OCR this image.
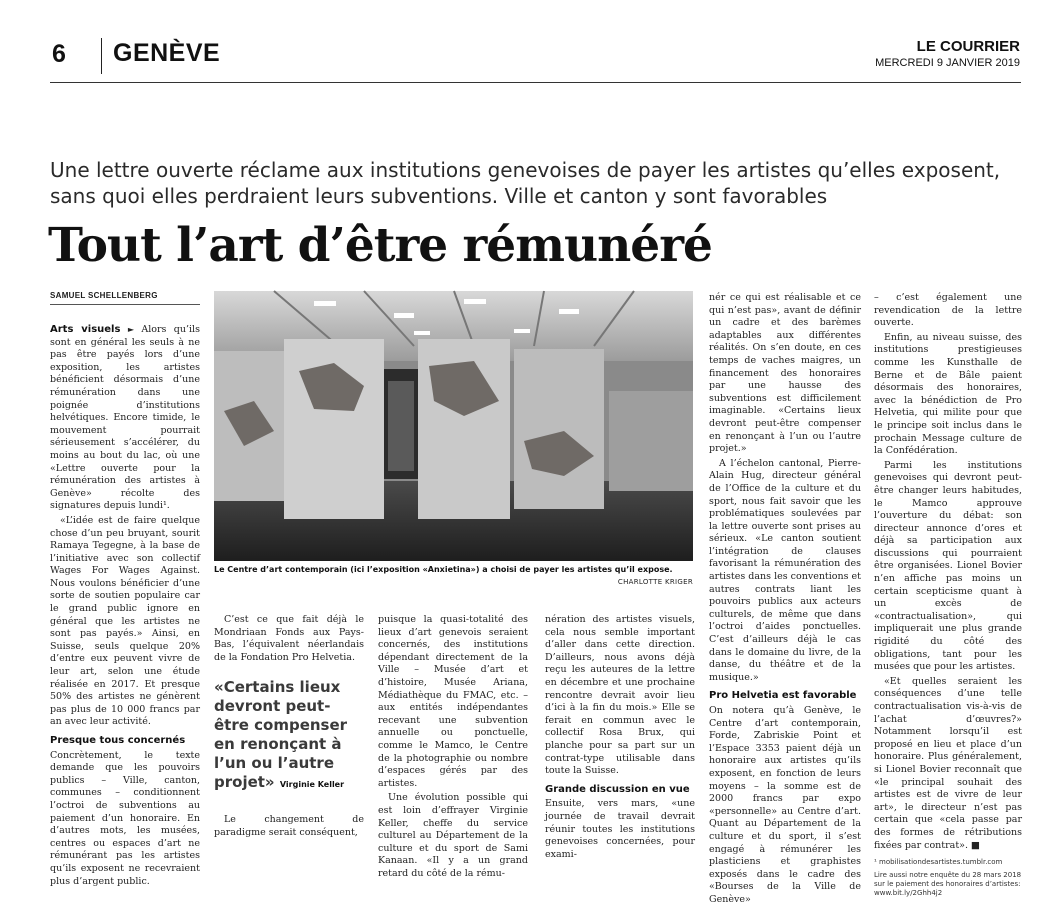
6 GENÈVE	LE COURRIER
MERCREDI 9 JANVIER 2019
Une lettre ouverte réclame aux institutions genevoises de payer les artistes qu’elles exposent, sans quoi elles perdraient leurs subventions. Ville et canton y sont favorables
Tout l’art d’être rémunéré
SAMUEL SCHELLENBERG

Arts visuels ► Alors qu’ils sont en général les seuls à ne pas être payés lors d’une exposition, les artistes bénéficient désormais d’une rémunération dans une poignée d’institutions helvétiques. Encore timide, le mouvement pourrait sérieusement s’accélérer, du moins au bout du lac, où une «Lettre ouverte pour la rémunération des artistes à Genève» récolte des signatures depuis lundi¹.

«L’idée est de faire quelque chose d’un peu bruyant, sourit Ramaya Tegegne, à la base de l’initiative avec son collectif Wages For Wages Against. Nous voulons bénéficier d’une sorte de soutien populaire car le grand public ignore en général que les artistes ne sont pas payés.» Ainsi, en Suisse, seuls quelque 20% d’entre eux peuvent vivre de leur art, selon une étude réalisée en 2017. Et presque 50% des artistes ne génèrent pas plus de 10 000 francs par an avec leur activité.

Presque tous concernés

Concrètement, le texte demande que les pouvoirs publics – Ville, canton, communes – conditionnent l’octroi de subventions au paiement d’un honoraire. En d’autres mots, les musées, centres ou espaces d’art ne rémunérant pas les artistes qu’ils exposent ne recevraient plus d’argent public.

Le Centre d’art contemporain (ici l’exposition «Anxietina») a choisi de payer les artistes qu’il expose.
CHARLOTTE KRIGER

C’est ce que fait déjà le Mondriaan Fonds aux Pays-Bas, l’équivalent néerlandais de la Fondation Pro Helvetia.

«Certains lieux devront peut-être compenser en renonçant à l’un ou l’autre projet» Virginie Keller

Le changement de paradigme serait conséquent,

puisque la quasi-totalité des lieux d’art genevois seraient concernés, des institutions dépendant directement de la Ville – Musée d’art et d’histoire, Musée Ariana, Médiathèque du FMAC, etc. – aux entités indépendantes recevant une subvention annuelle ou ponctuelle, comme le Mamco, le Centre de la photographie ou nombre d’espaces gérés par des artistes.

Une évolution possible qui est loin d’effrayer Virginie Keller, cheffe du service culturel au Département de la culture et du sport de Sami Kanaan. «Il y a un grand retard du côté de la rému-

nération des artistes visuels, cela nous semble important d’aller dans cette direction. D’ailleurs, nous avons déjà reçu les auteures de la lettre en décembre et une prochaine rencontre devrait avoir lieu d’ici à la fin du mois.» Elle se ferait en commun avec le collectif Rosa Brux, qui planche pour sa part sur un contrat-type utilisable dans toute la Suisse.

Grande discussion en vue

Ensuite, vers mars, «une journée de travail devrait réunir toutes les institutions genevoises concernées, pour exami-

nér ce qui est réalisable et ce qui n’est pas», avant de définir un cadre et des barèmes adaptables aux différentes réalités. On s’en doute, en ces temps de vaches maigres, un financement des honoraires par une hausse des subventions est difficilement imaginable. «Certains lieux devront peut-être compenser en renonçant à l’un ou l’autre projet.»

A l’échelon cantonal, Pierre-Alain Hug, directeur général de l’Office de la culture et du sport, nous fait savoir que les problématiques soulevées par la lettre ouverte sont prises au sérieux. «Le canton soutient l’intégration de clauses favorisant la rémunération des artistes dans les conventions et autres contrats liant les pouvoirs publics aux acteurs culturels, de même que dans l’octroi d’aides ponctuelles. C’est d’ailleurs déjà le cas dans le domaine du livre, de la danse, du théâtre et de la musique.»

Pro Helvetia est favorable

On notera qu’à Genève, le Centre d’art contemporain, Forde, Zabriskie Point et l’Espace 3353 paient déjà un honoraire aux artistes qu’ils exposent, en fonction de leurs moyens – la somme est de 2000 francs par expo «personnelle» au Centre d’art. Quant au Département de la culture et du sport, il s’est engagé à rémunérer les plasticiens et graphistes exposés dans le cadre des «Bourses de la Ville de Genève»

– c’est également une revendication de la lettre ouverte.

Enfin, au niveau suisse, des institutions prestigieuses comme les Kunsthalle de Berne et de Bâle paient désormais des honoraires, avec la bénédiction de Pro Helvetia, qui milite pour que le principe soit inclus dans le prochain Message culture de la Confédération.

Parmi les institutions genevoises qui devront peut-être changer leurs habitudes, le Mamco approuve l’ouverture du débat: son directeur annonce d’ores et déjà sa participation aux discussions qui pourraient être organisées. Lionel Bovier n’en affiche pas moins un certain scepticisme quant à un excès de «contractualisation», qui impliquerait une plus grande rigidité du côté des obligations, tant pour les musées que pour les artistes.

«Et quelles seraient les conséquences d’une telle contractualisation vis-à-vis de l’achat d’œuvres?» Notamment lorsqu’il est proposé en lieu et place d’un honoraire. Plus généralement, si Lionel Bovier reconnaît que «le principal souhait des artistes est de vivre de leur art», le directeur n’est pas certain que «cela passe par des formes de rétributions fixées par contrat». ■

¹ mobilisationdesartistes.tumblr.com

Lire aussi notre enquête du 28 mars 2018 sur le paiement des honoraires d’artistes: www.bit.ly/2Ghh4j2
